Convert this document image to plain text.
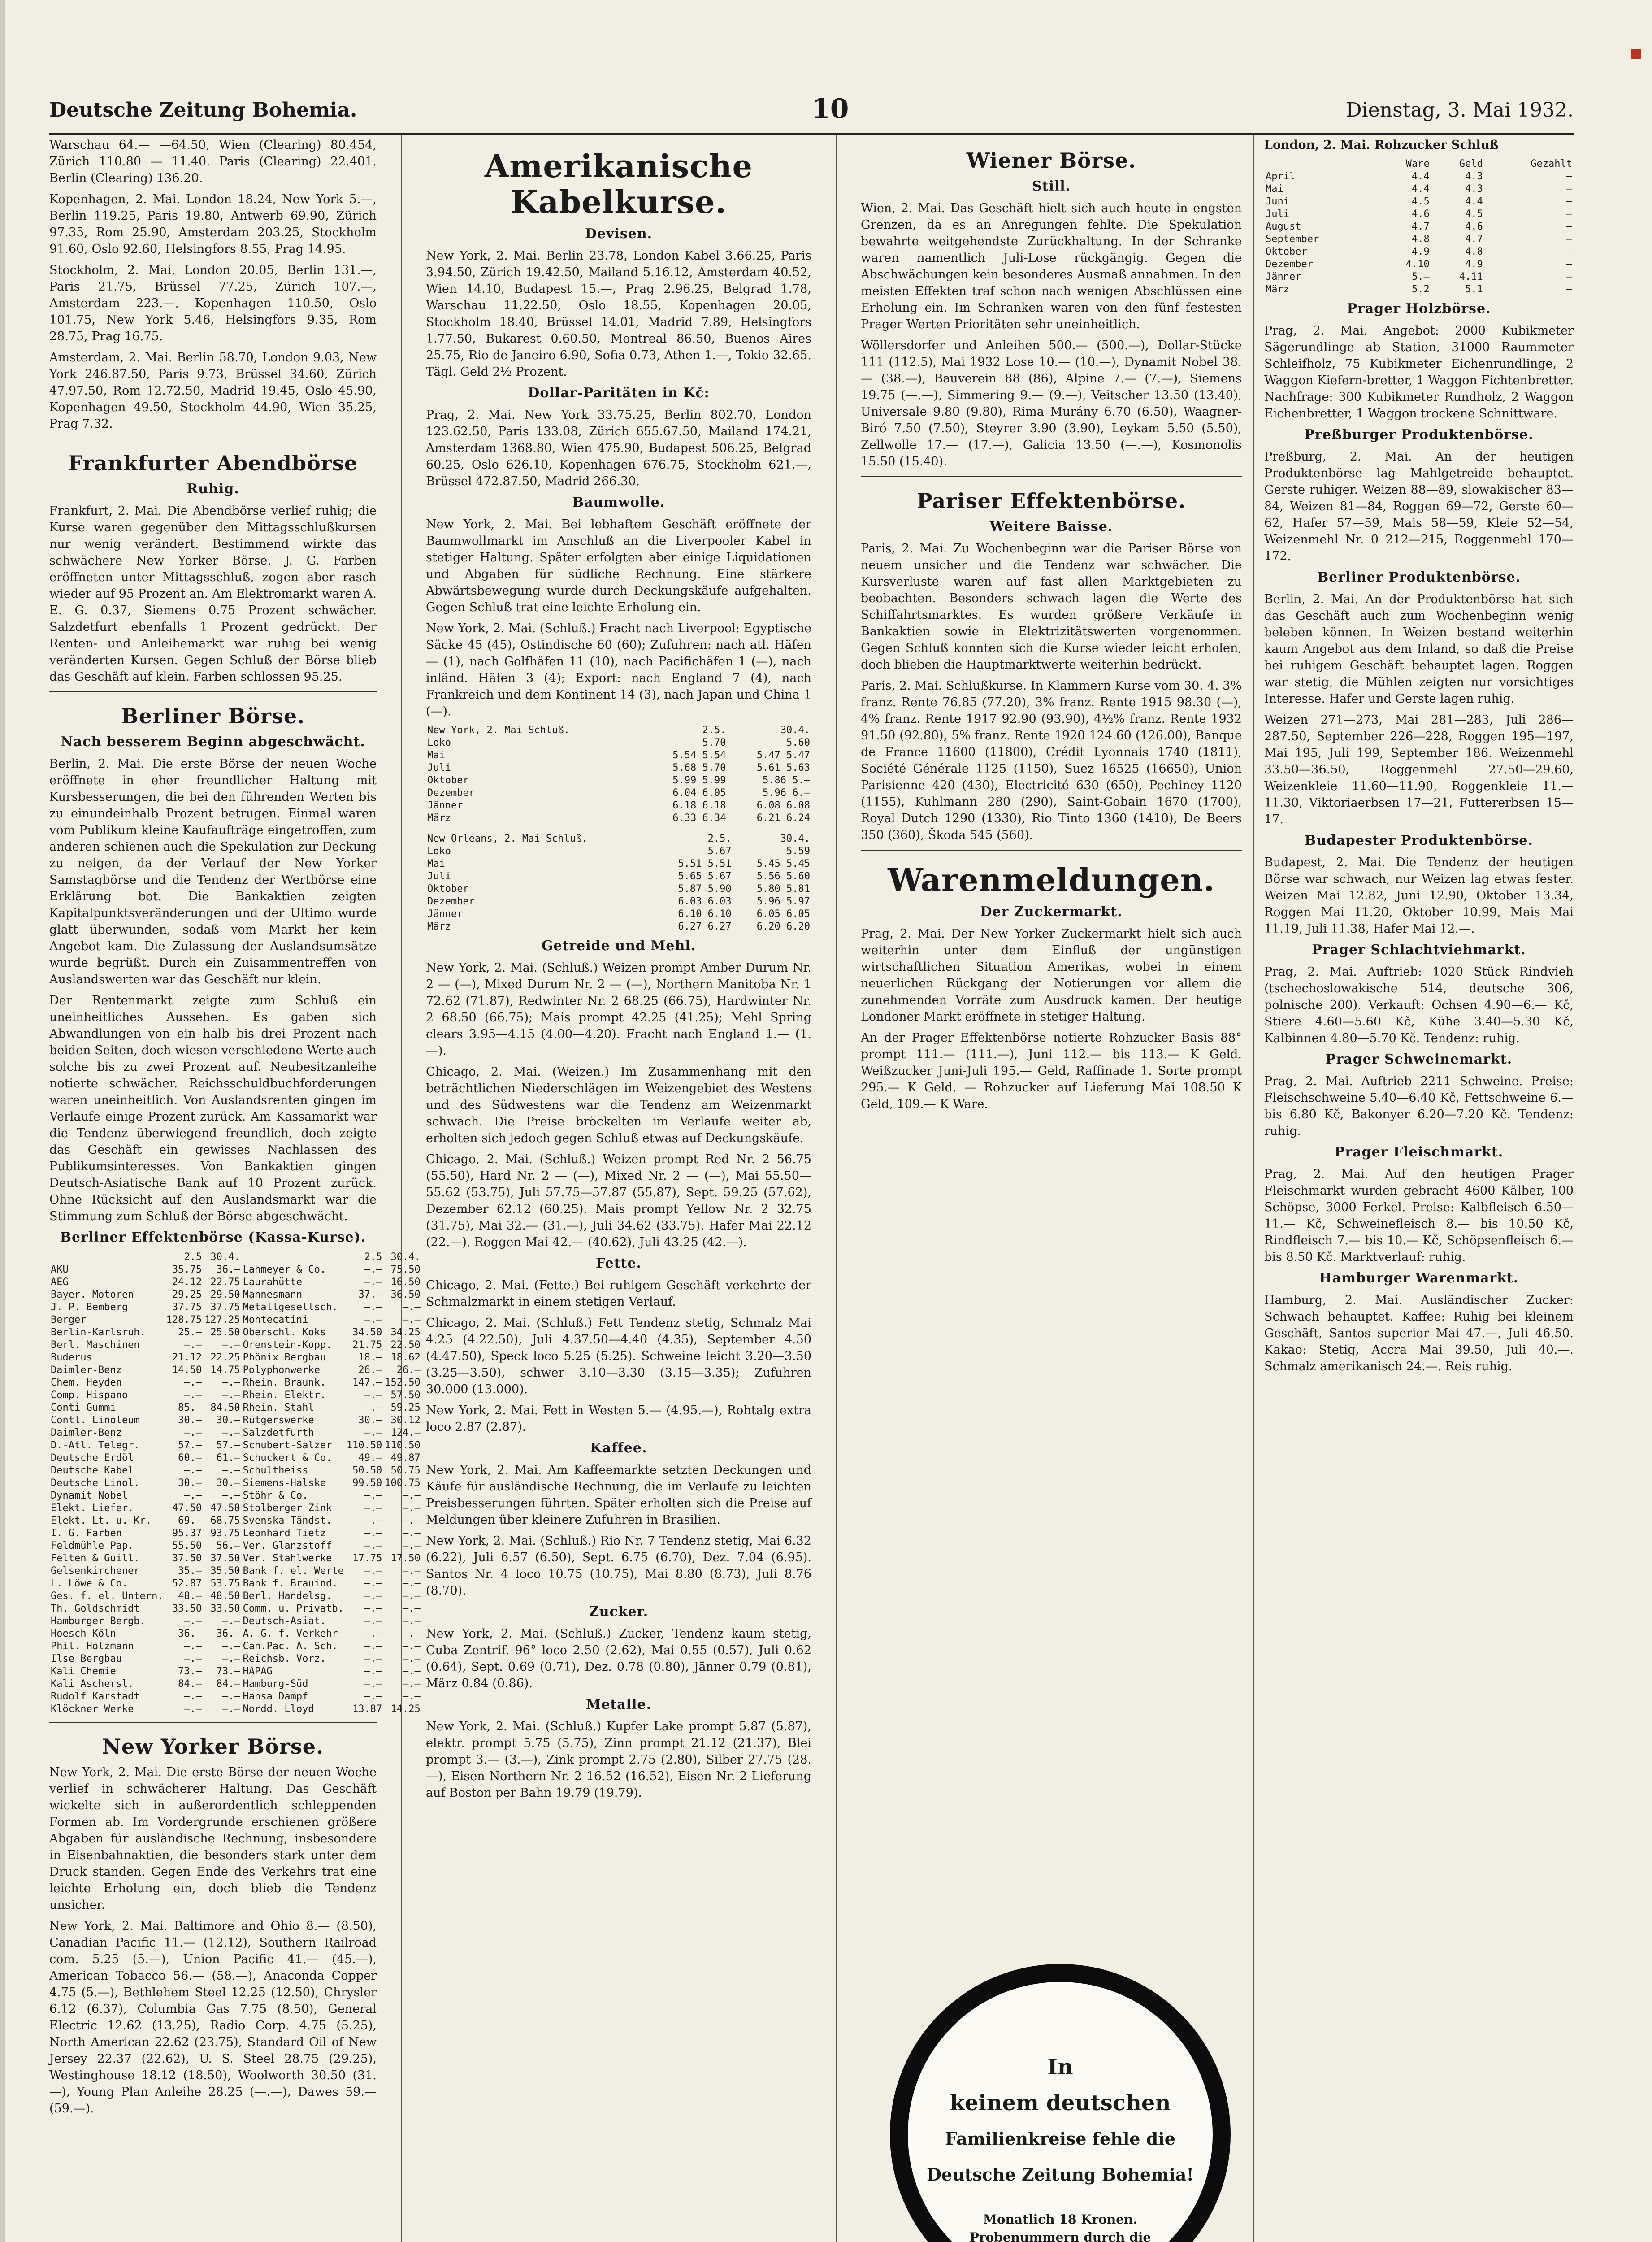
Deutsche Zeitung Bohemia.	10	Dienstag, 3. Mai 1932.

Warschau 64.— —64.50, Wien (Clearing) 80.454, Zürich 110.80 — 11.40. Paris (Clearing) 22.401. Berlin (Clearing) 136.20.

Kopenhagen, 2. Mai. London 18.24, New York 5.—, Berlin 119.25, Paris 19.80, Antwerb 69.90, Zürich 97.35, Rom 25.90, Amsterdam 203.25, Stockholm 91.60, Oslo 92.60, Helsingfors 8.55, Prag 14.95.

Stockholm, 2. Mai. London 20.05, Berlin 131.—, Paris 21.75, Brüssel 77.25, Zürich 107.—, Amsterdam 223.—, Kopenhagen 110.50, Oslo 101.75, New York 5.46, Helsingfors 9.35, Rom 28.75, Prag 16.75.

Amsterdam, 2. Mai. Berlin 58.70, London 9.03, New York 246.87.50, Paris 9.73, Brüssel 34.60, Zürich 47.97.50, Rom 12.72.50, Madrid 19.45, Oslo 45.90, Kopenhagen 49.50, Stockholm 44.90, Wien 35.25, Prag 7.32.

Frankfurter Abendbörse
Ruhig.

Frankfurt, 2. Mai. Die Abendbörse verlief ruhig; die Kurse waren gegenüber den Mittagsschlußkursen nur wenig verändert. Bestimmend wirkte das schwächere New Yorker Börse. J. G. Farben eröffneten unter Mittagsschluß, zogen aber rasch wieder auf 95 Prozent an. Am Elektromarkt waren A. E. G. 0.37, Siemens 0.75 Prozent schwächer. Salzdetfurt ebenfalls 1 Prozent gedrückt. Der Renten- und Anleihemarkt war ruhig bei wenig veränderten Kursen. Gegen Schluß der Börse blieb das Geschäft auf klein. Farben schlossen 95.25.

Berliner Börse.
Nach besserem Beginn abgeschwächt.

Berlin, 2. Mai. Die erste Börse der neuen Woche eröffnete in eher freundlicher Haltung mit Kursbesserungen, die bei den führenden Werten bis zu einundeinhalb Prozent betrugen. Einmal waren vom Publikum kleine Kaufaufträge eingetroffen, zum anderen schienen auch die Spekulation zur Deckung zu neigen, da der Verlauf der New Yorker Samstagbörse und die Tendenz der Wertbörse eine Erklärung bot. Die Bankaktien zeigten Kapitalpunktsveränderungen und der Ultimo wurde glatt überwunden, sodaß vom Markt her kein Angebot kam. Die Zulassung der Auslandsumsätze wurde begrüßt. Durch ein Zuisammentreffen von Auslandswerten war das Geschäft nur klein.

Der Rentenmarkt zeigte zum Schluß ein uneinheitliches Aussehen. Es gaben sich Abwandlungen von ein halb bis drei Prozent nach beiden Seiten, doch wiesen verschiedene Werte auch solche bis zu zwei Prozent auf. Neubesitzanleihe notierte schwächer. Reichsschuldbuchforderungen waren uneinheitlich. Von Auslandsrenten gingen im Verlaufe einige Prozent zurück. Am Kassamarkt war die Tendenz überwiegend freundlich, doch zeigte das Geschäft ein gewisses Nachlassen des Publikumsinteresses. Von Bankaktien gingen Deutsch-Asiatische Bank auf 10 Prozent zurück. Ohne Rücksicht auf den Auslandsmarkt war die Stimmung zum Schluß der Börse abgeschwächt.

Berliner Effektenbörse (Kassa-Kurse).
	2.5	30.4.		2.5	30.4.
AKU	35.75	36.—	Lahmeyer & Co.	—.—	75.50
AEG	24.12	22.75	Laurahütte	—.—	16.50
Bayer. Motoren	29.25	29.50	Mannesmann	37.—	36.50
J. P. Bemberg	37.75	37.75	Metallgesellsch.	—.—	—.—
Berger	128.75	127.25	Montecatini	—.—	—.—
Berlin-Karlsruh.	25.—	25.50	Oberschl. Koks	34.50	34.25
Berl. Maschinen	—.—	—.—	Orenstein-Kopp.	21.75	22.50
Buderus	21.12	22.25	Phönix Bergbau	18.—	18.62
Daimler-Benz	14.50	14.75	Polyphonwerke	26.—	26.—
Chem. Heyden	—.—	—.—	Rhein. Braunk.	147.—	152.50
Comp. Hispano	—.—	—.—	Rhein. Elektr.	—.—	57.50
Conti Gummi	85.—	84.50	Rhein. Stahl	—.—	59.25
Contl. Linoleum	30.—	30.—	Rütgerswerke	30.—	30.12
Daimler-Benz	—.—	—.—	Salzdetfurth	—.—	124.—
D.-Atl. Telegr.	57.—	57.—	Schubert-Salzer	110.50	110.50
Deutsche Erdöl	60.—	61.—	Schuckert & Co.	49.—	49.87
Deutsche Kabel	—.—	—.—	Schultheiss	50.50	50.75
Deutsche Linol.	30.—	30.—	Siemens-Halske	99.50	100.75
Dynamit Nobel	—.—	—.—	Stöhr & Co.	—.—	—.—
Elekt. Liefer.	47.50	47.50	Stolberger Zink	—.—	—.—
Elekt. Lt. u. Kr.	69.—	68.75	Svenska Tändst.	—.—	—.—
I. G. Farben	95.37	93.75	Leonhard Tietz	—.—	—.—
Feldmühle Pap.	55.50	56.—	Ver. Glanzstoff	—.—	—.—
Felten & Guill.	37.50	37.50	Ver. Stahlwerke	17.75	17.50
Gelsenkirchener	35.—	35.50	Bank f. el. Werte	—.—	—.—
L. Löwe & Co.	52.87	53.75	Bank f. Brauind.	—.—	—.—
Ges. f. el. Untern.	48.—	48.50	Berl. Handelsg.	—.—	—.—
Th. Goldschmidt	33.50	33.50	Comm. u. Privatb.	—.—	—.—
Hamburger Bergb.	—.—	—.—	Deutsch-Asiat.	—.—	—.—
Hoesch-Köln	36.—	36.—	A.-G. f. Verkehr	—.—	—.—
Phil. Holzmann	—.—	—.—	Can.Pac. A. Sch.	—.—	—.—
Ilse Bergbau	—.—	—.—	Reichsb. Vorz.	—.—	—.—
Kali Chemie	73.—	73.—	HAPAG	—.—	—.—
Kali Aschersl.	84.—	84.—	Hamburg-Süd	—.—	—.—
Rudolf Karstadt	—.—	—.—	Hansa Dampf	—.—	—.—
Klöckner Werke	—.—	—.—	Nordd. Lloyd	13.87	14.25
New Yorker Börse.

New York, 2. Mai. Die erste Börse der neuen Woche verlief in schwächerer Haltung. Das Geschäft wickelte sich in außerordentlich schleppenden Formen ab. Im Vordergrunde erschienen größere Abgaben für ausländische Rechnung, insbesondere in Eisenbahnaktien, die besonders stark unter dem Druck standen. Gegen Ende des Verkehrs trat eine leichte Erholung ein, doch blieb die Tendenz unsicher.

New York, 2. Mai. Baltimore and Ohio 8.— (8.50), Canadian Pacific 11.— (12.12), Southern Railroad com. 5.25 (5.—), Union Pacific 41.— (45.—), American Tobacco 56.— (58.—), Anaconda Copper 4.75 (5.—), Bethlehem Steel 12.25 (12.50), Chrysler 6.12 (6.37), Columbia Gas 7.75 (8.50), General Electric 12.62 (13.25), Radio Corp. 4.75 (5.25), North American 22.62 (23.75), Standard Oil of New Jersey 22.37 (22.62), U. S. Steel 28.75 (29.25), Westinghouse 18.12 (18.50), Woolworth 30.50 (31.—), Young Plan Anleihe 28.25 (—.—), Dawes 59.— (59.—).

Amerikanische Kabelkurse.
Devisen.

New York, 2. Mai. Berlin 23.78, London Kabel 3.66.25, Paris 3.94.50, Zürich 19.42.50, Mailand 5.16.12, Amsterdam 40.52, Wien 14.10, Budapest 15.—, Prag 2.96.25, Belgrad 1.78, Warschau 11.22.50, Oslo 18.55, Kopenhagen 20.05, Stockholm 18.40, Brüssel 14.01, Madrid 7.89, Helsingfors 1.77.50, Bukarest 0.60.50, Montreal 86.50, Buenos Aires 25.75, Rio de Janeiro 6.90, Sofia 0.73, Athen 1.—, Tokio 32.65. Tägl. Geld 2½ Prozent.

Dollar-Paritäten in Kč:

Prag, 2. Mai. New York 33.75.25, Berlin 802.70, London 123.62.50, Paris 133.08, Zürich 655.67.50, Mailand 174.21, Amsterdam 1368.80, Wien 475.90, Budapest 506.25, Belgrad 60.25, Oslo 626.10, Kopenhagen 676.75, Stockholm 621.—, Brüssel 472.87.50, Madrid 266.30.

Baumwolle.

New York, 2. Mai. Bei lebhaftem Geschäft eröffnete der Baumwollmarkt im Anschluß an die Liverpooler Kabel in stetiger Haltung. Später erfolgten aber einige Liquidationen und Abgaben für südliche Rechnung. Eine stärkere Abwärtsbewegung wurde durch Deckungskäufe aufgehalten. Gegen Schluß trat eine leichte Erholung ein.

New York, 2. Mai. (Schluß.) Fracht nach Liverpool: Egyptische Säcke 45 (45), Ostindische 60 (60); Zufuhren: nach atl. Häfen — (1), nach Golfhäfen 11 (10), nach Pacifichäfen 1 (—), nach inländ. Häfen 3 (4); Export: nach England 7 (4), nach Frankreich und dem Kontinent 14 (3), nach Japan und China 1 (—).

New York, 2. Mai Schluß.	2.5.	30.4.
Loko	5.70	5.60
Mai	5.54 5.54	5.47 5.47
Juli	5.68 5.70	5.61 5.63
Oktober	5.99 5.99	5.86 5.—
Dezember	6.04 6.05	5.96 6.—
Jänner	6.18 6.18	6.08 6.08
März	6.33 6.34	6.21 6.24
New Orleans, 2. Mai Schluß.	2.5.	30.4.
Loko	5.67	5.59
Mai	5.51 5.51	5.45 5.45
Juli	5.65 5.67	5.56 5.60
Oktober	5.87 5.90	5.80 5.81
Dezember	6.03 6.03	5.96 5.97
Jänner	6.10 6.10	6.05 6.05
März	6.27 6.27	6.20 6.20
Getreide und Mehl.

New York, 2. Mai. (Schluß.) Weizen prompt Amber Durum Nr. 2 — (—), Mixed Durum Nr. 2 — (—), Northern Manitoba Nr. 1 72.62 (71.87), Redwinter Nr. 2 68.25 (66.75), Hardwinter Nr. 2 68.50 (66.75); Mais prompt 42.25 (41.25); Mehl Spring clears 3.95—4.15 (4.00—4.20). Fracht nach England 1.— (1.—).

Chicago, 2. Mai. (Weizen.) Im Zusammenhang mit den beträchtlichen Niederschlägen im Weizengebiet des Westens und des Südwestens war die Tendenz am Weizenmarkt schwach. Die Preise bröckelten im Verlaufe weiter ab, erholten sich jedoch gegen Schluß etwas auf Deckungskäufe.

Chicago, 2. Mai. (Schluß.) Weizen prompt Red Nr. 2 56.75 (55.50), Hard Nr. 2 — (—), Mixed Nr. 2 — (—), Mai 55.50—55.62 (53.75), Juli 57.75—57.87 (55.87), Sept. 59.25 (57.62), Dezember 62.12 (60.25). Mais prompt Yellow Nr. 2 32.75 (31.75), Mai 32.— (31.—), Juli 34.62 (33.75). Hafer Mai 22.12 (22.—). Roggen Mai 42.— (40.62), Juli 43.25 (42.—).

Fette.

Chicago, 2. Mai. (Fette.) Bei ruhigem Geschäft verkehrte der Schmalzmarkt in einem stetigen Verlauf.

Chicago, 2. Mai. (Schluß.) Fett Tendenz stetig, Schmalz Mai 4.25 (4.22.50), Juli 4.37.50—4.40 (4.35), September 4.50 (4.47.50), Speck loco 5.25 (5.25). Schweine leicht 3.20—3.50 (3.25—3.50), schwer 3.10—3.30 (3.15—3.35); Zufuhren 30.000 (13.000).

New York, 2. Mai. Fett in Westen 5.— (4.95.—), Rohtalg extra loco 2.87 (2.87).

Kaffee.

New York, 2. Mai. Am Kaffeemarkte setzten Deckungen und Käufe für ausländische Rechnung, die im Verlaufe zu leichten Preisbesserungen führten. Später erholten sich die Preise auf Meldungen über kleinere Zufuhren in Brasilien.

New York, 2. Mai. (Schluß.) Rio Nr. 7 Tendenz stetig, Mai 6.32 (6.22), Juli 6.57 (6.50), Sept. 6.75 (6.70), Dez. 7.04 (6.95). Santos Nr. 4 loco 10.75 (10.75), Mai 8.80 (8.73), Juli 8.76 (8.70).

Zucker.

New York, 2. Mai. (Schluß.) Zucker, Tendenz kaum stetig, Cuba Zentrif. 96° loco 2.50 (2.62), Mai 0.55 (0.57), Juli 0.62 (0.64), Sept. 0.69 (0.71), Dez. 0.78 (0.80), Jänner 0.79 (0.81), März 0.84 (0.86).

Metalle.

New York, 2. Mai. (Schluß.) Kupfer Lake prompt 5.87 (5.87), elektr. prompt 5.75 (5.75), Zinn prompt 21.12 (21.37), Blei prompt 3.— (3.—), Zink prompt 2.75 (2.80), Silber 27.75 (28.—), Eisen Northern Nr. 2 16.52 (16.52), Eisen Nr. 2 Lieferung auf Boston per Bahn 19.79 (19.79).

Wiener Börse.
Still.

Wien, 2. Mai. Das Geschäft hielt sich auch heute in engsten Grenzen, da es an Anregungen fehlte. Die Spekulation bewahrte weitgehendste Zurückhaltung. In der Schranke waren namentlich Juli-Lose rückgängig. Gegen die Abschwächungen kein besonderes Ausmaß annahmen. In den meisten Effekten traf schon nach wenigen Abschlüssen eine Erholung ein. Im Schranken waren von den fünf festesten Prager Werten Prioritäten sehr uneinheitlich.

Wöllersdorfer und Anleihen 500.— (500.—), Dollar-Stücke 111 (112.5), Mai 1932 Lose 10.— (10.—), Dynamit Nobel 38.— (38.—), Bauverein 88 (86), Alpine 7.— (7.—), Siemens 19.75 (—.—), Simmering 9.— (9.—), Veitscher 13.50 (13.40), Universale 9.80 (9.80), Rima Murány 6.70 (6.50), Waagner-Biró 7.50 (7.50), Steyrer 3.90 (3.90), Leykam 5.50 (5.50), Zellwolle 17.— (17.—), Galicia 13.50 (—.—), Kosmonolis 15.50 (15.40).

Pariser Effektenbörse.
Weitere Baisse.

Paris, 2. Mai. Zu Wochenbeginn war die Pariser Börse von neuem unsicher und die Tendenz war schwächer. Die Kursverluste waren auf fast allen Marktgebieten zu beobachten. Besonders schwach lagen die Werte des Schiffahrtsmarktes. Es wurden größere Verkäufe in Bankaktien sowie in Elektrizitätswerten vorgenommen. Gegen Schluß konnten sich die Kurse wieder leicht erholen, doch blieben die Hauptmarktwerte weiterhin bedrückt.

Paris, 2. Mai. Schlußkurse. In Klammern Kurse vom 30. 4. 3% franz. Rente 76.85 (77.20), 3% franz. Rente 1915 98.30 (—), 4% franz. Rente 1917 92.90 (93.90), 4½% franz. Rente 1932 91.50 (92.80), 5% franz. Rente 1920 124.60 (126.00), Banque de France 11600 (11800), Crédit Lyonnais 1740 (1811), Société Générale 1125 (1150), Suez 16525 (16650), Union Parisienne 420 (430), Électricité 630 (650), Pechiney 1120 (1155), Kuhlmann 280 (290), Saint-Gobain 1670 (1700), Royal Dutch 1290 (1330), Rio Tinto 1360 (1410), De Beers 350 (360), Škoda 545 (560).

Warenmeldungen.
Der Zuckermarkt.

Prag, 2. Mai. Der New Yorker Zuckermarkt hielt sich auch weiterhin unter dem Einfluß der ungünstigen wirtschaftlichen Situation Amerikas, wobei in einem neuerlichen Rückgang der Notierungen vor allem die zunehmenden Vorräte zum Ausdruck kamen. Der heutige Londoner Markt eröffnete in stetiger Haltung.

An der Prager Effektenbörse notierte Rohzucker Basis 88° prompt 111.— (111.—), Juni 112.— bis 113.— K Geld. Weißzucker Juni-Juli 195.— Geld, Raffinade 1. Sorte prompt 295.— K Geld. — Rohzucker auf Lieferung Mai 108.50 K Geld, 109.— K Ware.

In
keinem deutschen
Familienkreise fehle die
Deutsche Zeitung Bohemia!
Monatlich 18 Kronen.
Probenummern durch die

London, 2. Mai. Rohzucker Schluß

	Ware	Geld	Gezahlt
April	4.4	4.3	—
Mai	4.4	4.3	—
Juni	4.5	4.4	—
Juli	4.6	4.5	—
August	4.7	4.6	—
September	4.8	4.7	—
Oktober	4.9	4.8	—
Dezember	4.10	4.9	—
Jänner	5.—	4.11	—
März	5.2	5.1	—
Prager Holzbörse.

Prag, 2. Mai. Angebot: 2000 Kubikmeter Sägerundlinge ab Station, 31000 Raummeter Schleifholz, 75 Kubikmeter Eichenrundlinge, 2 Waggon Kiefern-bretter, 1 Waggon Fichtenbretter. Nachfrage: 300 Kubikmeter Rundholz, 2 Waggon Eichenbretter, 1 Waggon trockene Schnittware.

Preßburger Produktenbörse.

Preßburg, 2. Mai. An der heutigen Produktenbörse lag Mahlgetreide behauptet. Gerste ruhiger. Weizen 88—89, slowakischer 83—84, Weizen 81—84, Roggen 69—72, Gerste 60—62, Hafer 57—59, Mais 58—59, Kleie 52—54, Weizenmehl Nr. 0 212—215, Roggenmehl 170—172.

Berliner Produktenbörse.

Berlin, 2. Mai. An der Produktenbörse hat sich das Geschäft auch zum Wochenbeginn wenig beleben können. In Weizen bestand weiterhin kaum Angebot aus dem Inland, so daß die Preise bei ruhigem Geschäft behauptet lagen. Roggen war stetig, die Mühlen zeigten nur vorsichtiges Interesse. Hafer und Gerste lagen ruhig.

Weizen 271—273, Mai 281—283, Juli 286—287.50, September 226—228, Roggen 195—197, Mai 195, Juli 199, September 186. Weizenmehl 33.50—36.50, Roggenmehl 27.50—29.60, Weizenkleie 11.60—11.90, Roggenkleie 11.—11.30, Viktoriaerbsen 17—21, Futtererbsen 15—17.

Budapester Produktenbörse.

Budapest, 2. Mai. Die Tendenz der heutigen Börse war schwach, nur Weizen lag etwas fester. Weizen Mai 12.82, Juni 12.90, Oktober 13.34, Roggen Mai 11.20, Oktober 10.99, Mais Mai 11.19, Juli 11.38, Hafer Mai 12.—.

Prager Schlachtviehmarkt.

Prag, 2. Mai. Auftrieb: 1020 Stück Rindvieh (tschechoslowakische 514, deutsche 306, polnische 200). Verkauft: Ochsen 4.90—6.— Kč, Stiere 4.60—5.60 Kč, Kühe 3.40—5.30 Kč, Kalbinnen 4.80—5.70 Kč. Tendenz: ruhig.

Prager Schweinemarkt.

Prag, 2. Mai. Auftrieb 2211 Schweine. Preise: Fleischschweine 5.40—6.40 Kč, Fettschweine 6.— bis 6.80 Kč, Bakonyer 6.20—7.20 Kč. Tendenz: ruhig.

Prager Fleischmarkt.

Prag, 2. Mai. Auf den heutigen Prager Fleischmarkt wurden gebracht 4600 Kälber, 100 Schöpse, 3000 Ferkel. Preise: Kalbfleisch 6.50—11.— Kč, Schweinefleisch 8.— bis 10.50 Kč, Rindfleisch 7.— bis 10.— Kč, Schöpsenfleisch 6.— bis 8.50 Kč. Marktverlauf: ruhig.

Hamburger Warenmarkt.

Hamburg, 2. Mai. Ausländischer Zucker: Schwach behauptet. Kaffee: Ruhig bei kleinem Geschäft, Santos superior Mai 47.—, Juli 46.50. Kakao: Stetig, Accra Mai 39.50, Juli 40.—. Schmalz amerikanisch 24.—. Reis ruhig.
